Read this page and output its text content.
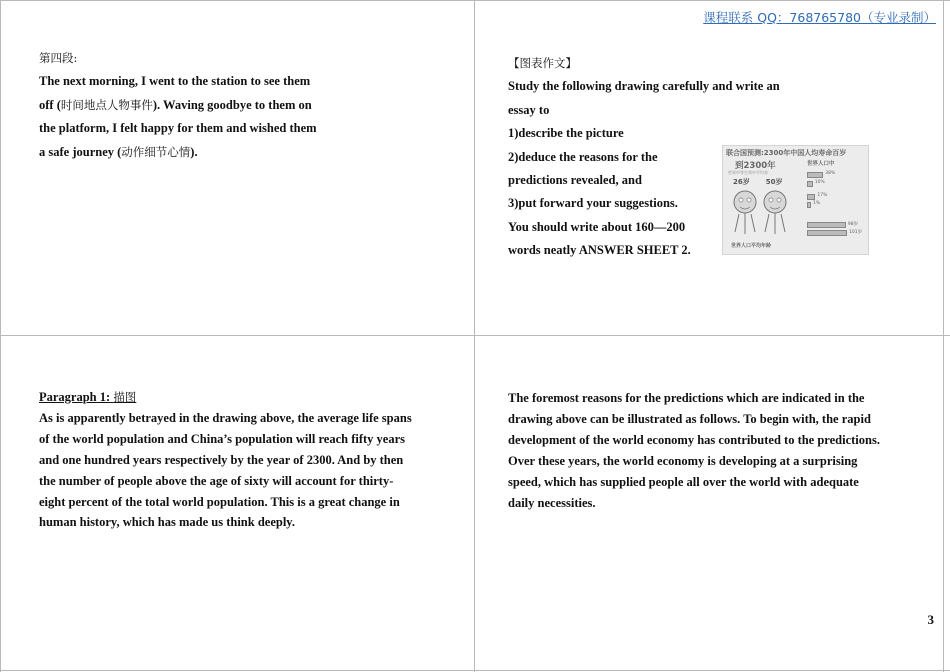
课程联系 QQ：768765780（专业录制）

第四段:

The next morning, I went to the station to see them

off (时间地点人物事件). Waving goodbye to them on

the platform, I felt happy for them and wished them

a safe journey (动作细节心情).

【图表作文】

Study the following drawing carefully and write an

essay to

1)describe the picture

2)deduce the reasons for the

predictions revealed, and

3)put forward your suggestions.

You should write about 160—200

words neatly ANSWER SHEET 2.

联合国预测:2300年中国人均寿命百岁
到2300年
世界中等生命中平均寿
26岁 50岁
世界人口平均年龄
世界人口中
38%
10%
17%
1%
98岁
101岁

Paragraph 1: 描图

As is apparently betrayed in the drawing above, the average life spans

of the world population and China’s population will reach fifty years

and one hundred years respectively by the year of 2300. And by then

the number of people above the age of sixty will account for thirty-

eight percent of the total world population. This is a great change in

human history, which has made us think deeply.

The foremost reasons for the predictions which are indicated in the

drawing above can be illustrated as follows. To begin with, the rapid

development of the world economy has contributed to the predictions.

Over these years, the world economy is developing at a surprising

speed, which has supplied people all over the world with adequate

daily necessities.

3
